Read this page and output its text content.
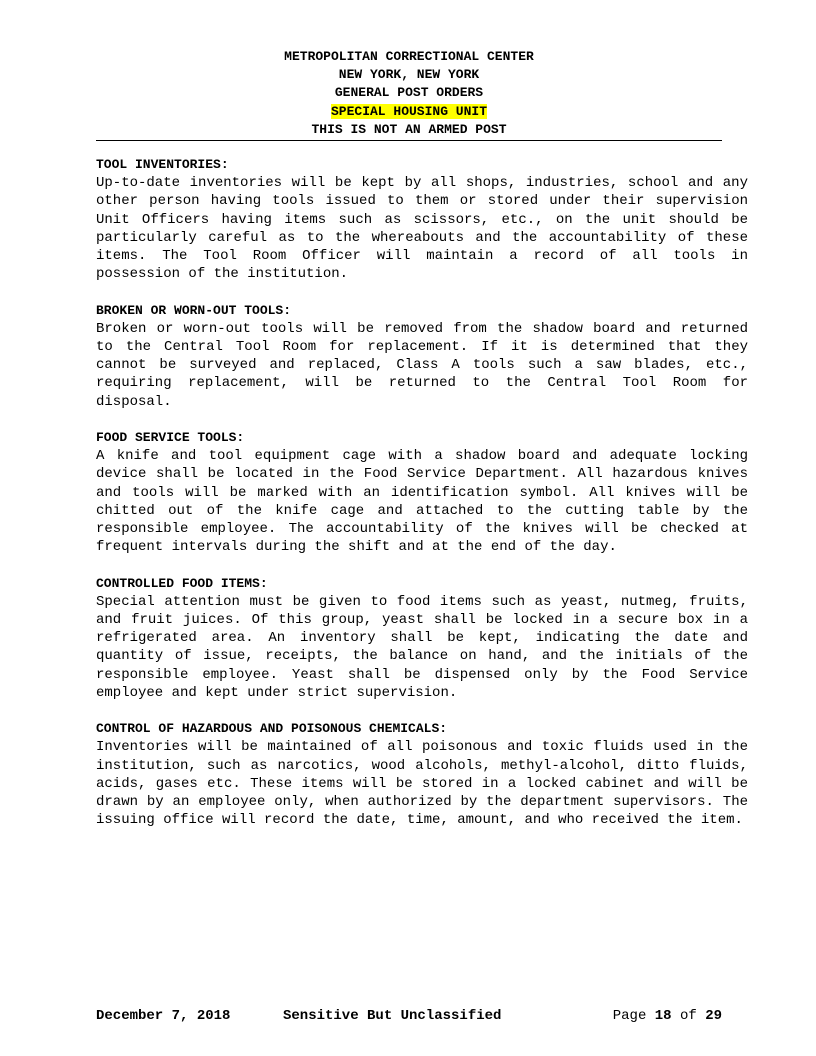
METROPOLITAN CORRECTIONAL CENTER
NEW YORK, NEW YORK
GENERAL POST ORDERS
SPECIAL HOUSING UNIT
THIS IS NOT AN ARMED POST
TOOL INVENTORIES:

Up-to-date inventories will be kept by all shops, industries, school and any other person having tools issued to them or stored under their supervision Unit Officers having items such as scissors, etc., on the unit should be particularly careful as to the whereabouts and the accountability of these items. The Tool Room Officer will maintain a record of all tools in possession of the institution.

BROKEN OR WORN-OUT TOOLS:

Broken or worn-out tools will be removed from the shadow board and returned to the Central Tool Room for replacement. If it is determined that they cannot be surveyed and replaced, Class A tools such a saw blades, etc., requiring replacement, will be returned to the Central Tool Room for disposal.

FOOD SERVICE TOOLS:

A knife and tool equipment cage with a shadow board and adequate locking device shall be located in the Food Service Department. All hazardous knives and tools will be marked with an identification symbol. All knives will be chitted out of the knife cage and attached to the cutting table by the responsible employee. The accountability of the knives will be checked at frequent intervals during the shift and at the end of the day.

CONTROLLED FOOD ITEMS:

Special attention must be given to food items such as yeast, nutmeg, fruits, and fruit juices. Of this group, yeast shall be locked in a secure box in a refrigerated area. An inventory shall be kept, indicating the date and quantity of issue, receipts, the balance on hand, and the initials of the responsible employee. Yeast shall be dispensed only by the Food Service employee and kept under strict supervision.

CONTROL OF HAZARDOUS AND POISONOUS CHEMICALS:

Inventories will be maintained of all poisonous and toxic fluids used in the institution, such as narcotics, wood alcohols, methyl-alcohol, ditto fluids, acids, gases etc. These items will be stored in a locked cabinet and will be drawn by an employee only, when authorized by the department supervisors. The issuing office will record the date, time, amount, and who received the item.

December 7, 2018	Sensitive But Unclassified	Page 18 of 29
